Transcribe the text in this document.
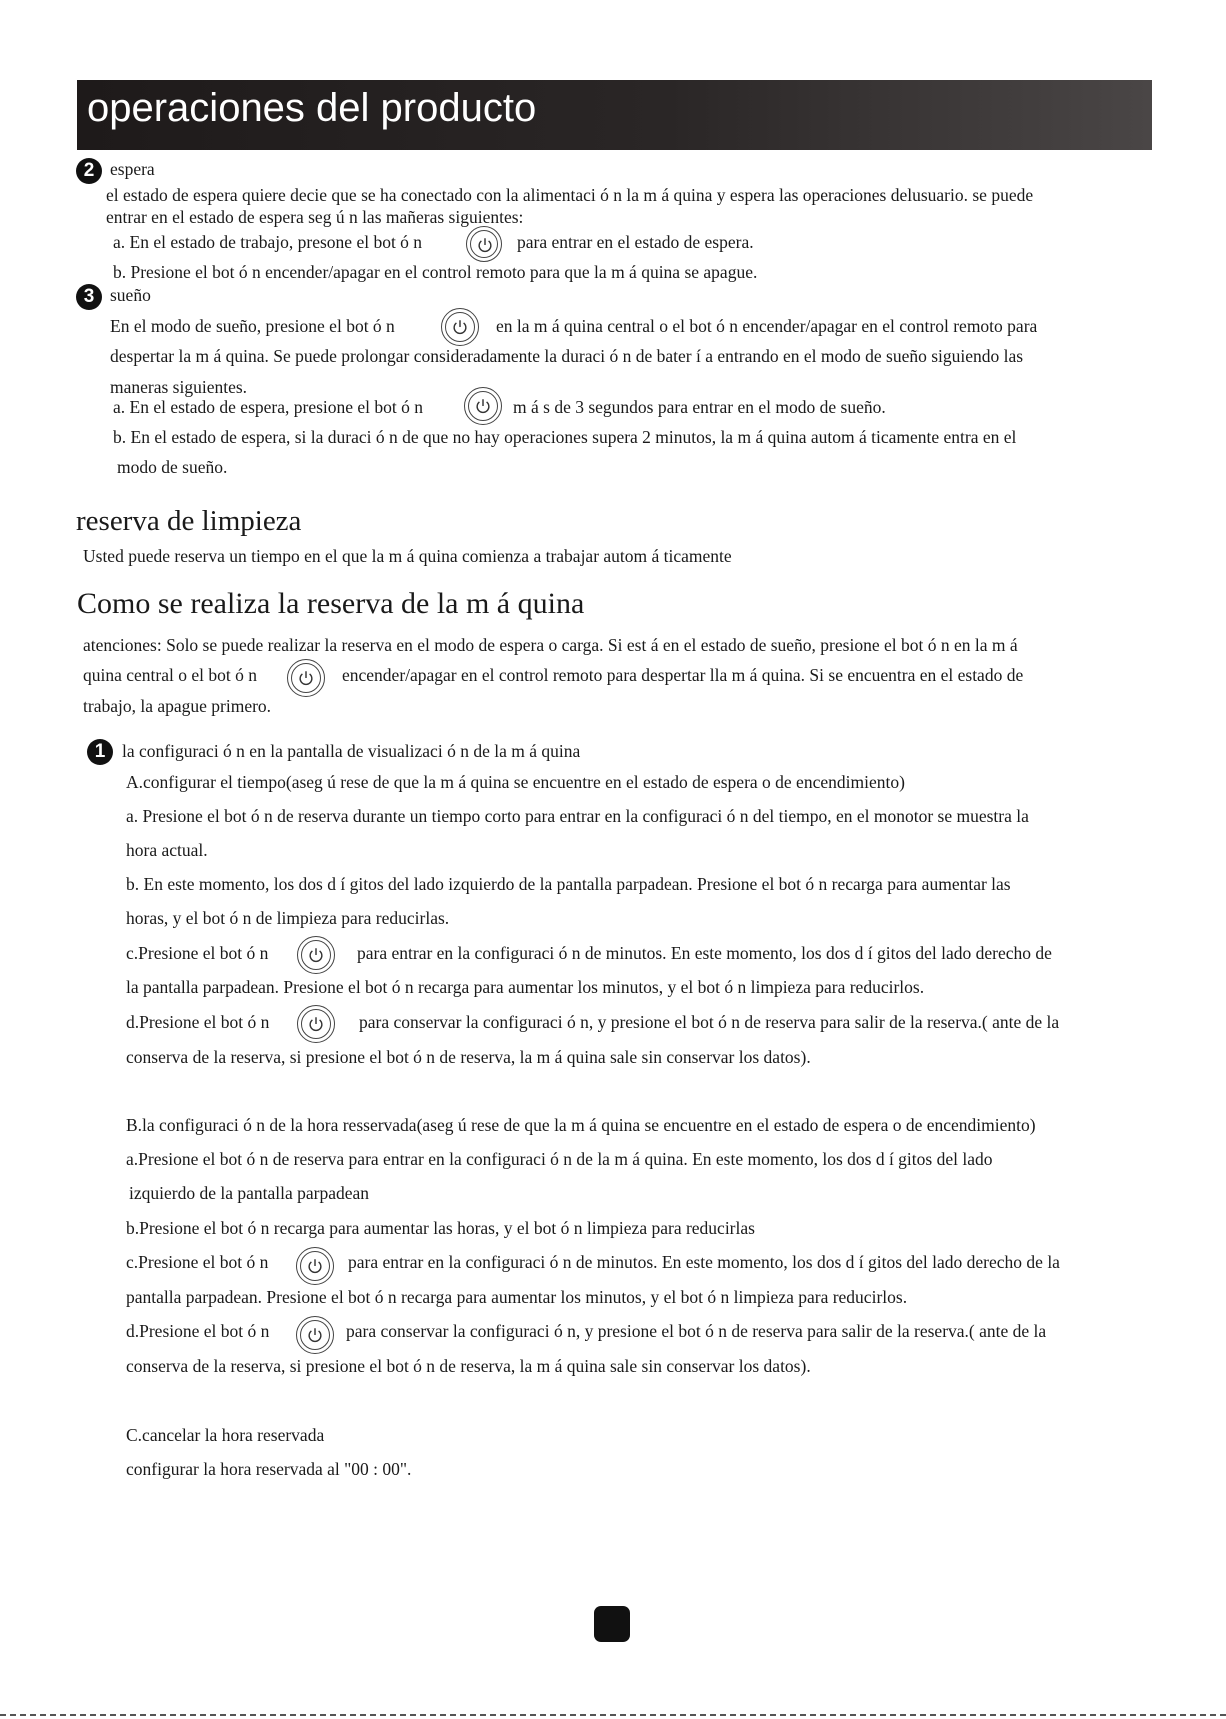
operaciones del producto
2 espera
el estado de espera quiere decie que se ha conectado con la alimentaci ó n la m á quina y espera las operaciones delusuario. se puede
entrar en el estado de espera seg ú n las mañeras siguientes:
a. En el estado de trabajo, presone el bot ó n	para entrar en el estado de espera.
b. Presione el bot ó n encender/apagar en el control remoto para que la m á quina se apague.
3 sueño
En el modo de sueño, presione el bot ó n	en la m á quina central o el bot ó n encender/apagar en el control remoto para
despertar la m á quina. Se puede prolongar consideradamente la duraci ó n de bater í a entrando en el modo de sueño siguiendo las
maneras siguientes.
a. En el estado de espera, presione el bot ó n	m á s de 3 segundos para entrar en el modo de sueño.
b. En el estado de espera, si la duraci ó n de que no hay operaciones supera 2 minutos, la m á quina autom á ticamente entra en el
modo de sueño.
reserva de limpieza
Usted puede reserva un tiempo en el que la m á quina comienza a trabajar autom á ticamente
Como se realiza la reserva de la m á quina
atenciones: Solo se puede realizar la reserva en el modo de espera o carga. Si est á en el estado de sueño, presione el bot ó n en la m á
quina central o el bot ó n	encender/apagar en el control remoto para despertar lla m á quina. Si se encuentra en el estado de
trabajo, la apague primero.
1 la configuraci ó n en la pantalla de visualizaci ó n de la m á quina
A.configurar el tiempo(aseg ú rese de que la m á quina se encuentre en el estado de espera o de encendimiento)
a. Presione el bot ó n de reserva durante un tiempo corto para entrar en la configuraci ó n del tiempo, en el monotor se muestra la
hora actual.
b. En este momento, los dos d í gitos del lado izquierdo de la pantalla parpadean. Presione el bot ó n recarga para aumentar las
horas, y el bot ó n de limpieza para reducirlas.
c.Presione el bot ó n	para entrar en la configuraci ó n de minutos. En este momento, los dos d í gitos del lado derecho de
la pantalla parpadean. Presione el bot ó n recarga para aumentar los minutos, y el bot ó n limpieza para reducirlos.
d.Presione el bot ó n	para conservar la configuraci ó n, y presione el bot ó n de reserva para salir de la reserva.( ante de la
conserva de la reserva, si presione el bot ó n de reserva, la m á quina sale sin conservar los datos).
B.la configuraci ó n de la hora resservada(aseg ú rese de que la m á quina se encuentre en el estado de espera o de encendimiento)
a.Presione el bot ó n de reserva para entrar en la configuraci ó n de la m á quina. En este momento, los dos d í gitos del lado
izquierdo de la pantalla parpadean
b.Presione el bot ó n recarga para aumentar las horas, y el bot ó n limpieza para reducirlas
c.Presione el bot ó n	para entrar en la configuraci ó n de minutos. En este momento, los dos d í gitos del lado derecho de la
pantalla parpadean. Presione el bot ó n recarga para aumentar los minutos, y el bot ó n limpieza para reducirlos.
d.Presione el bot ó n	para conservar la configuraci ó n, y presione el bot ó n de reserva para salir de la reserva.( ante de la
conserva de la reserva, si presione el bot ó n de reserva, la m á quina sale sin conservar los datos).
C.cancelar la hora reservada
configurar la hora reservada al "00 : 00".
